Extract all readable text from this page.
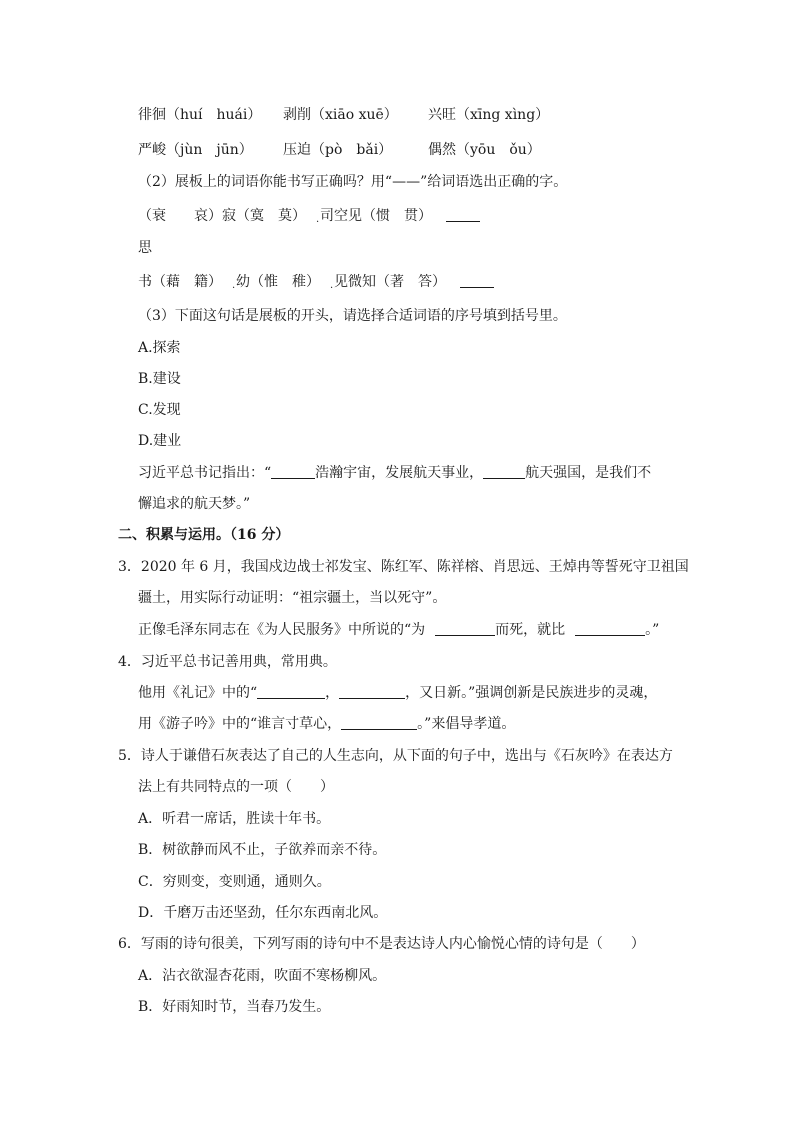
徘徊（huí　huái） 剥削（xiāo xuē） 兴旺（xīng xìng）
严峻（jùn　jūn） 压迫（pò　bǎi）	偶然（yōu　ǒu）
（2）展板上的词语你能书写正确吗？用“——”给词语选出正确的字。
（衰　　哀）寂（寞　莫） . 司空见（惯　贯）
思
书（藉　籍） . 幼（惟　稚） . 见微知（著　答）
（3）下面这句话是展板的开头，请选择合适词语的序号填到括号里。
A.探索
B.建设
C.发现
D.建业
习近平总书记指出：“	浩瀚宇宙，发展航天事业，	航天强国，是我们不
懈追求的航天梦。”
二、积累与运用。（16 分）
3．2020 年 6 月，我国戍边战士祁发宝、陈红军、陈祥榕、肖思远、王焯冉等誓死守卫祖国
疆土，用实际行动证明：“祖宗疆土，当以死守”。
正像毛泽东同志在《为人民服务》中所说的“为	而死，就比	。”
4．习近平总书记善用典，常用典。
他用《礼记》中的“	，	，又日新。”强调创新是民族进步的灵魂，
用《游子吟》中的“谁言寸草心，	。”来倡导孝道。
5．诗人于谦借石灰表达了自己的人生志向，从下面的句子中，选出与《石灰吟》在表达方
法上有共同特点的一项（　　）
A．听君一席话，胜读十年书。
B．树欲静而风不止，子欲养而亲不待。
C．穷则变，变则通，通则久。
D．千磨万击还坚劲，任尔东西南北风。
6．写雨的诗句很美，下列写雨的诗句中不是表达诗人内心愉悦心情的诗句是（　　）
A．沾衣欲湿杏花雨，吹面不寒杨柳风。
B．好雨知时节，当春乃发生。
